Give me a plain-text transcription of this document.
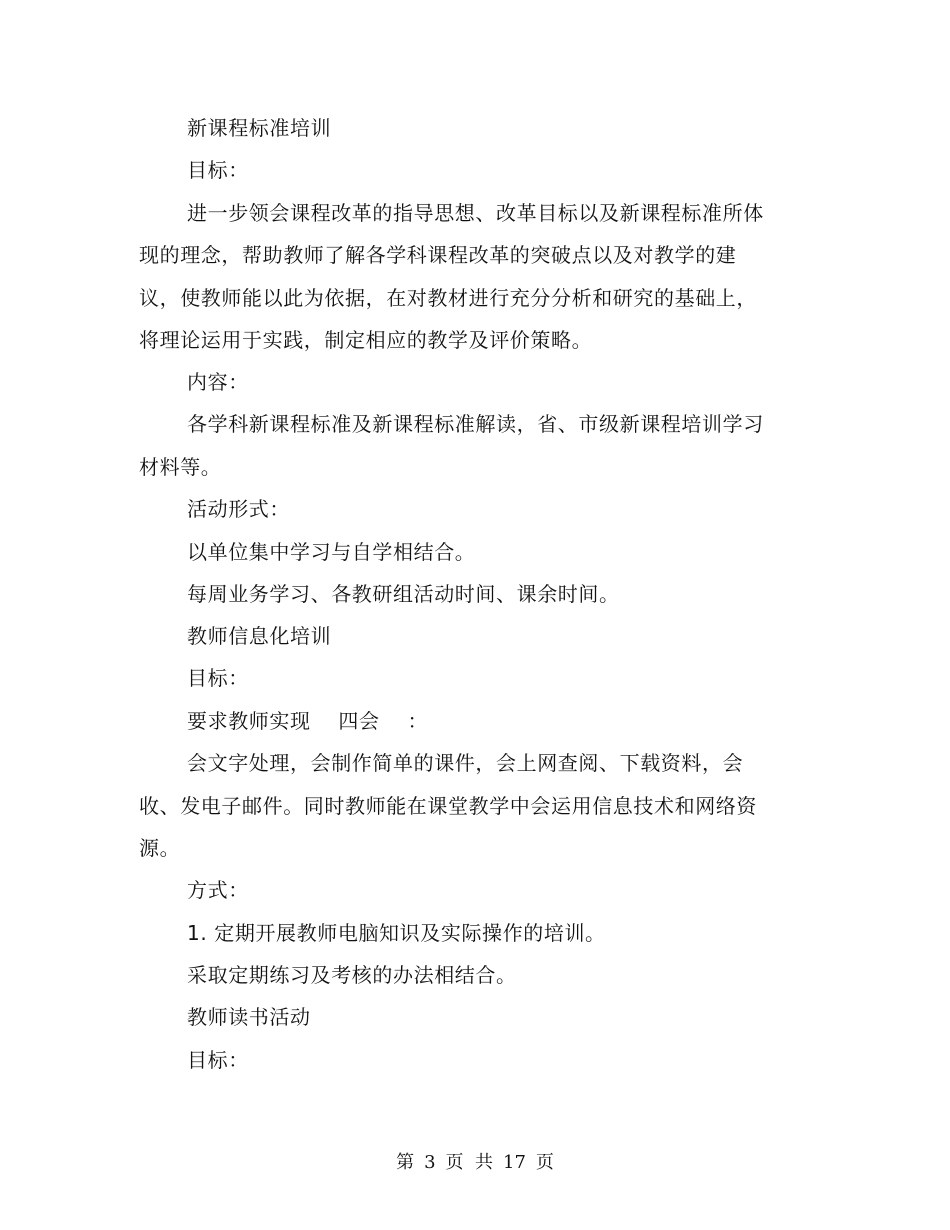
新课程标准培训
目标：
进一步领会课程改革的指导思想、改革目标以及新课程标准所体
现的理念，帮助教师了解各学科课程改革的突破点以及对教学的建
议，使教师能以此为依据，在对教材进行充分分析和研究的基础上，
将理论运用于实践，制定相应的教学及评价策略。
内容：
各学科新课程标准及新课程标准解读，省、市级新课程培训学习
材料等。
活动形式：
以单位集中学习与自学相结合。
每周业务学习、各教研组活动时间、课余时间。
教师信息化培训
目标：
要求教师实现    四会    ：
会文字处理，会制作简单的课件，会上网查阅、下载资料，会
收、发电子邮件。同时教师能在课堂教学中会运用信息技术和网络资
源。
方式：
1. 定期开展教师电脑知识及实际操作的培训。
采取定期练习及考核的办法相结合。
教师读书活动
目标：
第 3 页  共 17 页
